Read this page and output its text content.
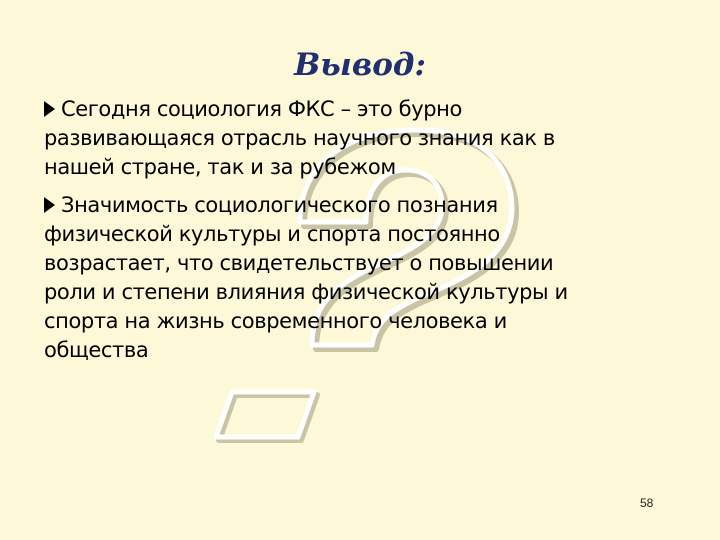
Вывод:
Сегодня социология ФКС – это бурно
развивающаяся отрасль научного знания как в
нашей стране, так и за рубежом
Значимость социологического познания
физической культуры и спорта постоянно
возрастает, что свидетельствует о повышении
роли и степени влияния физической культуры и
спорта на жизнь современного человека и
общества
58
